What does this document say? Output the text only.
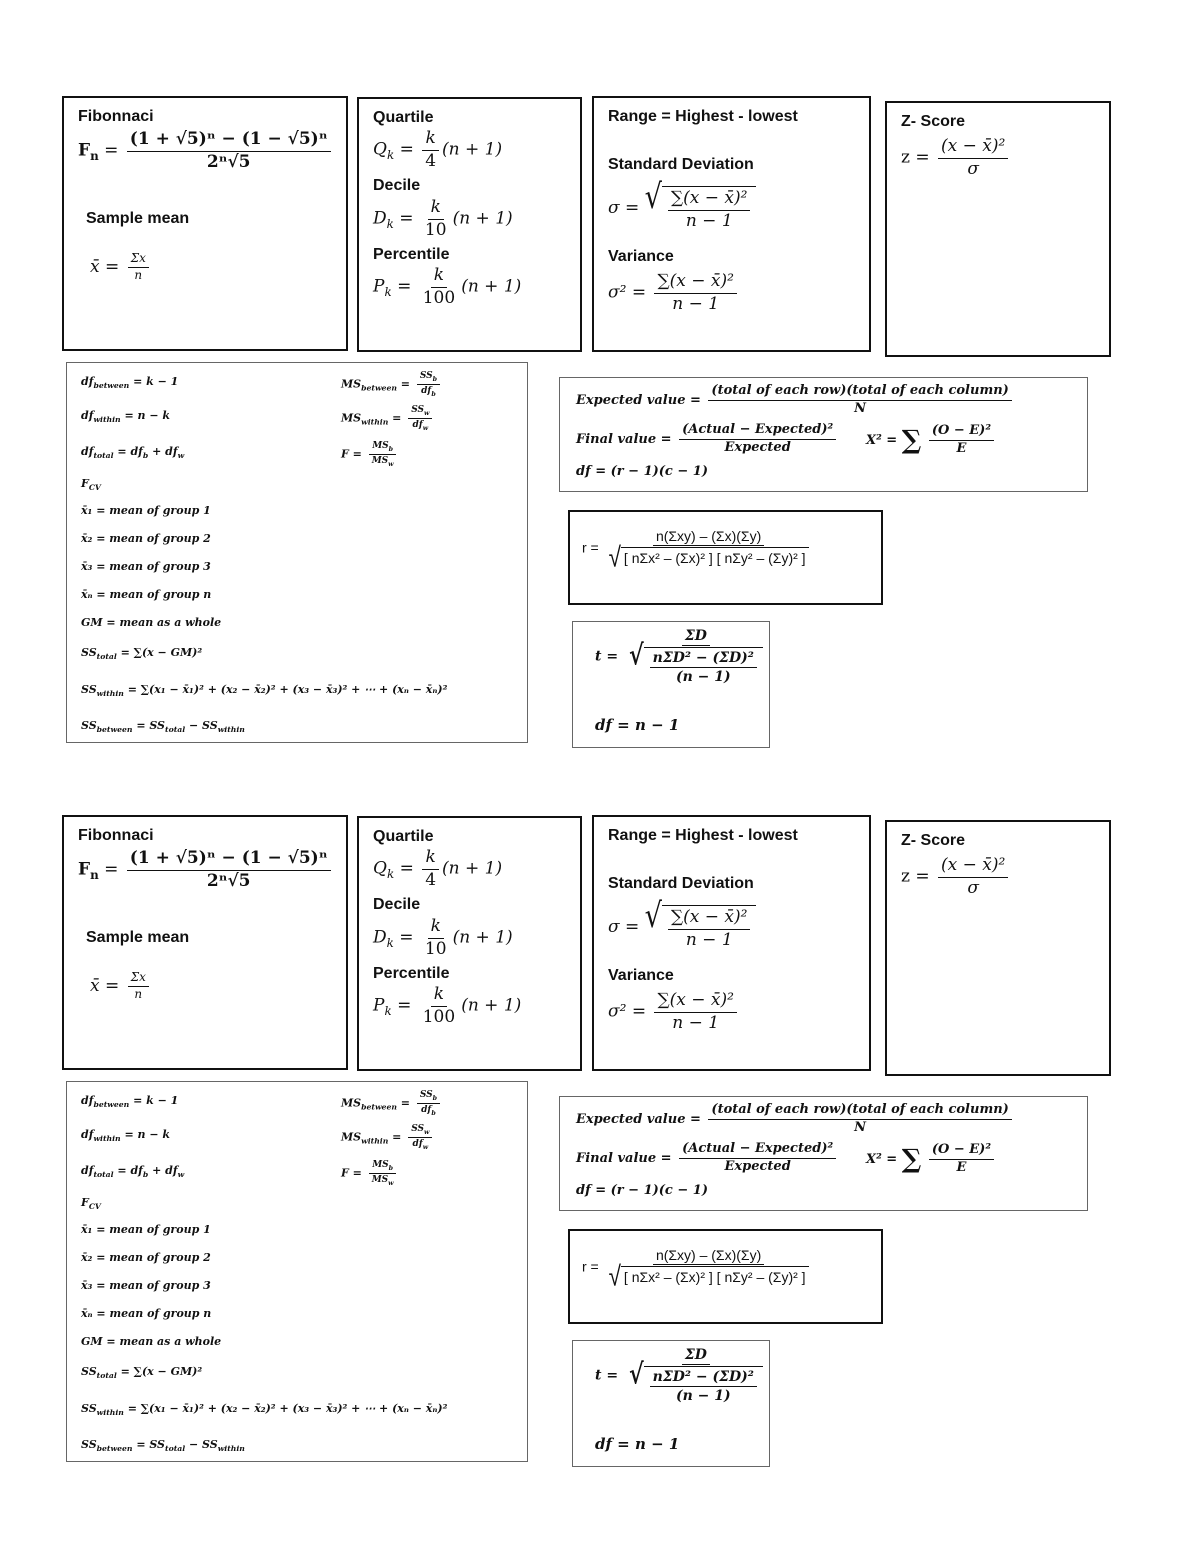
Fibonnaci
$F_n = \frac{\text{(1 + √5)ⁿ − (1 − √5)ⁿ}}{\text{2ⁿ√5}}$
Sample mean
x̄ = $\frac{\Sigma x}{n}$
Quartile
$Q_k = \frac{k}{4} (n + 1)$
Decile
$D_k = \frac{k}{10} (n + 1)$
Percentile
$P_k = \frac{k}{100} (n + 1)$
Range = Highest - lowest
Standard Deviation
σ = √ $\frac{\text{∑(x − x̄)²}}{n - 1}$
Variance
$\sigma^2 = \frac{\text{∑(x − x̄)²}}{n - 1}$
Z- Score
$z = \frac{\text{(x − x̄)²}}{\sigma}$
$df_{between} = k - 1$
$df_{within} = n - k$
$df_{total} = df_b + df_w$
$MS_{between} = \frac{SS_b}{df_b}$
$MS_{within} = \frac{SS_w}{df_w}$
$F = \frac{MS_b}{MS_w}$
$F_{CV}$
x̄₁ = mean of group 1
x̄₂ = mean of group 2
x̄₃ = mean of group 3
x̄ₙ = mean of group n
GM = mean as a whole
$SS_{total} = \sum(x - GM)^2$
$SS_{within} = \sum(x_1$ − x̄₁)² + (x₂ − x̄₂)² + (x₃ − x̄₃)² + ⋯ + (xₙ − x̄ₙ)²
$SS_{between} = SS_{total} - SS_{within}$
Expected value = $\frac{\text{(total of each row)(total of each column)}}{N}$
Final value = $\frac{\text{(Actual − Expected)²}}{\text{Expected}}$
df = (r − 1)(c − 1)
X² = ∑ $\frac{\text{(O − E)²}}{E}$
$r = \frac{\text{n(Σxy) – (Σx)(Σy)}}{\text{√ [ nΣx² – (Σx)² ] [ nΣy² – (Σy)² ]}}$
$t = \frac{\Sigma D}{√ \frac{\text{nΣD² − (ΣD)²}}{(n - 1)}}$
df = n − 1
Fibonnaci
$F_n = \frac{\text{(1 + √5)ⁿ − (1 − √5)ⁿ}}{\text{2ⁿ√5}}$
Sample mean
x̄ = $\frac{\Sigma x}{n}$
Quartile
$Q_k = \frac{k}{4} (n + 1)$
Decile
$D_k = \frac{k}{10} (n + 1)$
Percentile
$P_k = \frac{k}{100} (n + 1)$
Range = Highest - lowest
Standard Deviation
σ = √ $\frac{\text{∑(x − x̄)²}}{n - 1}$
Variance
$\sigma^2 = \frac{\text{∑(x − x̄)²}}{n - 1}$
Z- Score
$z = \frac{\text{(x − x̄)²}}{\sigma}$
$df_{between} = k - 1$
$df_{within} = n - k$
$df_{total} = df_b + df_w$
$MS_{between} = \frac{SS_b}{df_b}$
$MS_{within} = \frac{SS_w}{df_w}$
$F = \frac{MS_b}{MS_w}$
$F_{CV}$
x̄₁ = mean of group 1
x̄₂ = mean of group 2
x̄₃ = mean of group 3
x̄ₙ = mean of group n
GM = mean as a whole
$SS_{total} = \sum(x - GM)^2$
$SS_{within} = \sum(x_1$ − x̄₁)² + (x₂ − x̄₂)² + (x₃ − x̄₃)² + ⋯ + (xₙ − x̄ₙ)²
$SS_{between} = SS_{total} - SS_{within}$
Expected value = $\frac{\text{(total of each row)(total of each column)}}{N}$
Final value = $\frac{\text{(Actual − Expected)²}}{\text{Expected}}$
df = (r − 1)(c − 1)
X² = ∑ $\frac{\text{(O − E)²}}{E}$
$r = \frac{\text{n(Σxy) – (Σx)(Σy)}}{\text{√ [ nΣx² – (Σx)² ] [ nΣy² – (Σy)² ]}}$
$t = \frac{\Sigma D}{√ \frac{\text{nΣD² − (ΣD)²}}{(n - 1)}}$
df = n − 1
